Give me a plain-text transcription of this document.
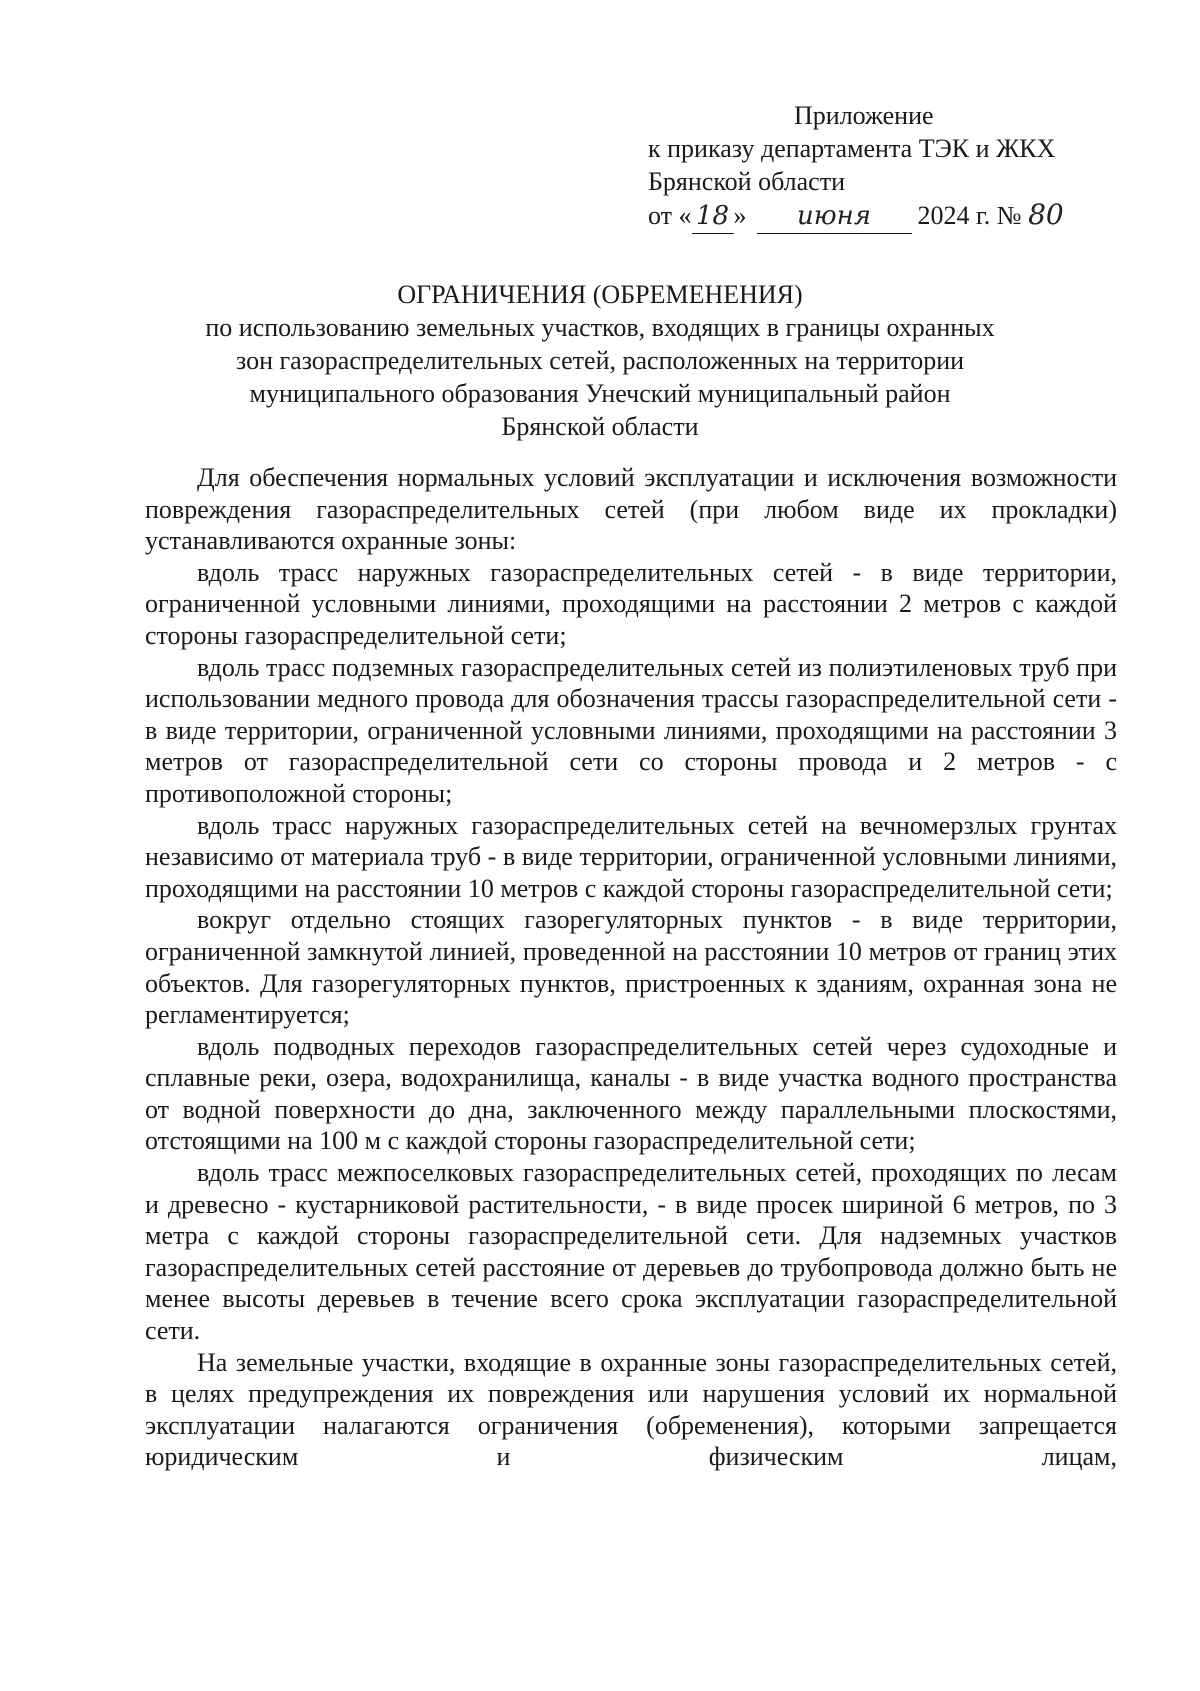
Приложение
к приказу департамента ТЭК и ЖКХ
Брянской области
от « 18 » июня 2024 г. № 80
ОГРАНИЧЕНИЯ (ОБРЕМЕНЕНИЯ)
по использованию земельных участков, входящих в границы охранных
зон газораспределительных сетей, расположенных на территории
муниципального образования Унечский муниципальный район
Брянской области

Для обеспечения нормальных условий эксплуатации и исключения возможности повреждения газораспределительных сетей (при любом виде их прокладки) устанавливаются охранные зоны:

вдоль трасс наружных газораспределительных сетей - в виде территории, ограниченной условными линиями, проходящими на расстоянии 2 метров с каждой стороны газораспределительной сети;

вдоль трасс подземных газораспределительных сетей из полиэтиленовых труб при использовании медного провода для обозначения трассы газораспределительной сети - в виде территории, ограниченной условными линиями, проходящими на расстоянии 3 метров от газораспределительной сети со стороны провода и 2 метров - с противоположной стороны;

вдоль трасс наружных газораспределительных сетей на вечномерзлых грунтах независимо от материала труб - в виде территории, ограниченной условными линиями, проходящими на расстоянии 10 метров с каждой стороны газораспределительной сети;

вокруг отдельно стоящих газорегуляторных пунктов - в виде территории, ограниченной замкнутой линией, проведенной на расстоянии 10 метров от границ этих объектов. Для газорегуляторных пунктов, пристроенных к зданиям, охранная зона не регламентируется;

вдоль подводных переходов газораспределительных сетей через судоходные и сплавные реки, озера, водохранилища, каналы - в виде участка водного пространства от водной поверхности до дна, заключенного между параллельными плоскостями, отстоящими на 100 м с каждой стороны газораспределительной сети;

вдоль трасс межпоселковых газораспределительных сетей, проходящих по лесам и древесно - кустарниковой растительности, - в виде просек шириной 6 метров, по 3 метра с каждой стороны газораспределительной сети. Для надземных участков газораспределительных сетей расстояние от деревьев до трубопровода должно быть не менее высоты деревьев в течение всего срока эксплуатации газораспределительной сети.

На земельные участки, входящие в охранные зоны газораспределительных сетей, в целях предупреждения их повреждения или нарушения условий их нормальной эксплуатации налагаются ограничения (обременения), которыми запрещается юридическим и физическим лицам,
